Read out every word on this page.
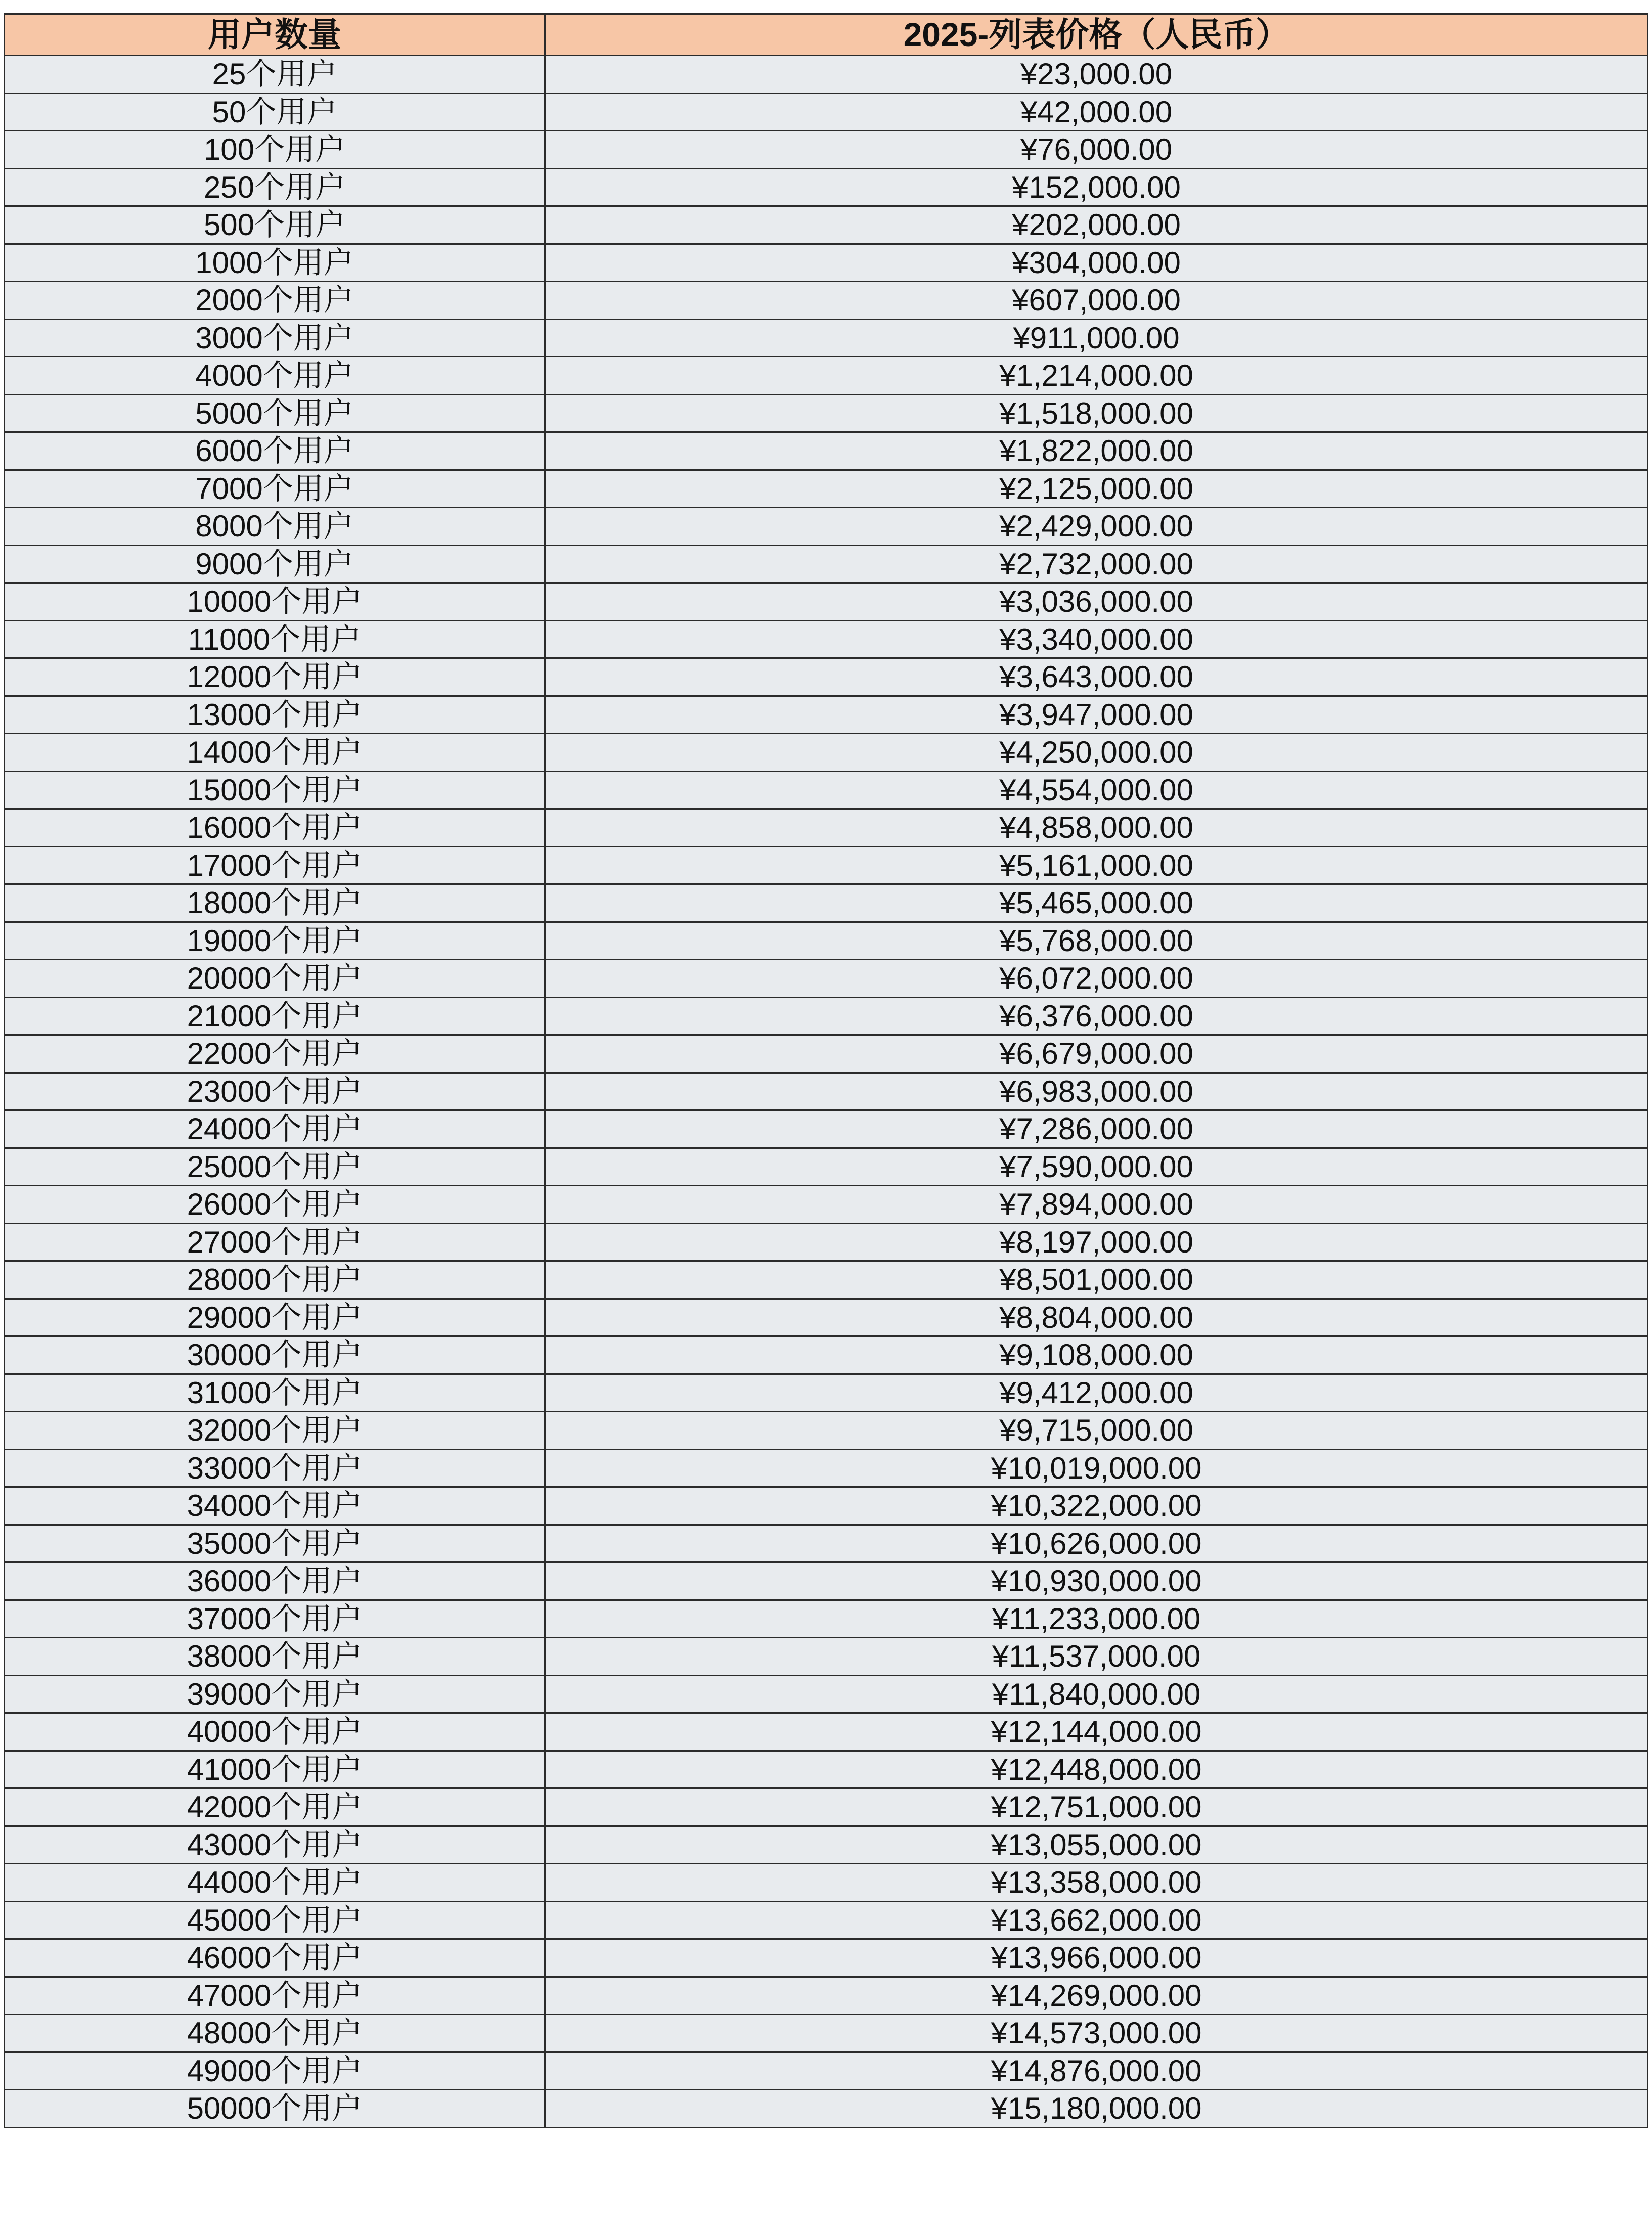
用户数量	2025-列表价格（人民币）
25个用户	¥23,000.00
50个用户	¥42,000.00
100个用户	¥76,000.00
250个用户	¥152,000.00
500个用户	¥202,000.00
1000个用户	¥304,000.00
2000个用户	¥607,000.00
3000个用户	¥911,000.00
4000个用户	¥1,214,000.00
5000个用户	¥1,518,000.00
6000个用户	¥1,822,000.00
7000个用户	¥2,125,000.00
8000个用户	¥2,429,000.00
9000个用户	¥2,732,000.00
10000个用户	¥3,036,000.00
11000个用户	¥3,340,000.00
12000个用户	¥3,643,000.00
13000个用户	¥3,947,000.00
14000个用户	¥4,250,000.00
15000个用户	¥4,554,000.00
16000个用户	¥4,858,000.00
17000个用户	¥5,161,000.00
18000个用户	¥5,465,000.00
19000个用户	¥5,768,000.00
20000个用户	¥6,072,000.00
21000个用户	¥6,376,000.00
22000个用户	¥6,679,000.00
23000个用户	¥6,983,000.00
24000个用户	¥7,286,000.00
25000个用户	¥7,590,000.00
26000个用户	¥7,894,000.00
27000个用户	¥8,197,000.00
28000个用户	¥8,501,000.00
29000个用户	¥8,804,000.00
30000个用户	¥9,108,000.00
31000个用户	¥9,412,000.00
32000个用户	¥9,715,000.00
33000个用户	¥10,019,000.00
34000个用户	¥10,322,000.00
35000个用户	¥10,626,000.00
36000个用户	¥10,930,000.00
37000个用户	¥11,233,000.00
38000个用户	¥11,537,000.00
39000个用户	¥11,840,000.00
40000个用户	¥12,144,000.00
41000个用户	¥12,448,000.00
42000个用户	¥12,751,000.00
43000个用户	¥13,055,000.00
44000个用户	¥13,358,000.00
45000个用户	¥13,662,000.00
46000个用户	¥13,966,000.00
47000个用户	¥14,269,000.00
48000个用户	¥14,573,000.00
49000个用户	¥14,876,000.00
50000个用户	¥15,180,000.00
